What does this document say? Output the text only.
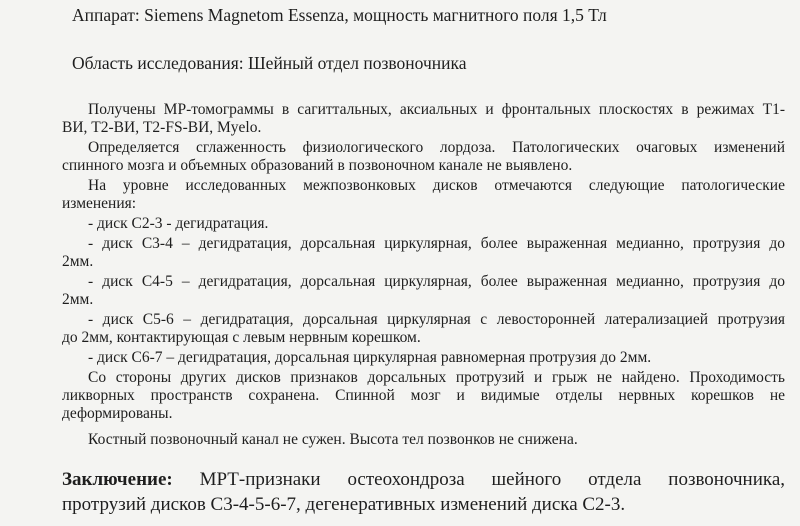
Аппарат: Siemens Magnetom Essenza, мощность магнитного поля 1,5 Тл
Область исследования: Шейный отдел позвоночника
Получены МР-томограммы в сагиттальных, аксиальных и фронтальных плоскостях в режимах Т1-
ВИ, Т2-ВИ, T2-FS-ВИ, Myelo.
Определяется сглаженность физиологического лордоза. Патологических очаговых изменений
спинного мозга и объемных образований в позвоночном канале не выявлено.
На уровне исследованных межпозвонковых дисков отмечаются следующие патологические
изменения:
- диск С2-3 - дегидратация.
- диск С3-4 – дегидратация, дорсальная циркулярная, более выраженная медианно, протрузия до
2мм.
- диск С4-5 – дегидратация, дорсальная циркулярная, более выраженная медианно, протрузия до
2мм.
- диск С5-6 – дегидратация, дорсальная циркулярная с левосторонней латерализацией протрузия
до 2мм, контактирующая с левым нервным корешком.
- диск С6-7 – дегидратация, дорсальная циркулярная равномерная протрузия до 2мм.
Со стороны других дисков признаков дорсальных протрузий и грыж не найдено. Проходимость
ликворных пространств сохранена. Спинной мозг и видимые отделы нервных корешков не
деформированы.
Костный позвоночный канал не сужен. Высота тел позвонков не снижена.
Заключение: МРТ-признаки остеохондроза шейного отдела позвоночника,
протрузий дисков С3-4-5-6-7, дегенеративных изменений диска С2-3.
